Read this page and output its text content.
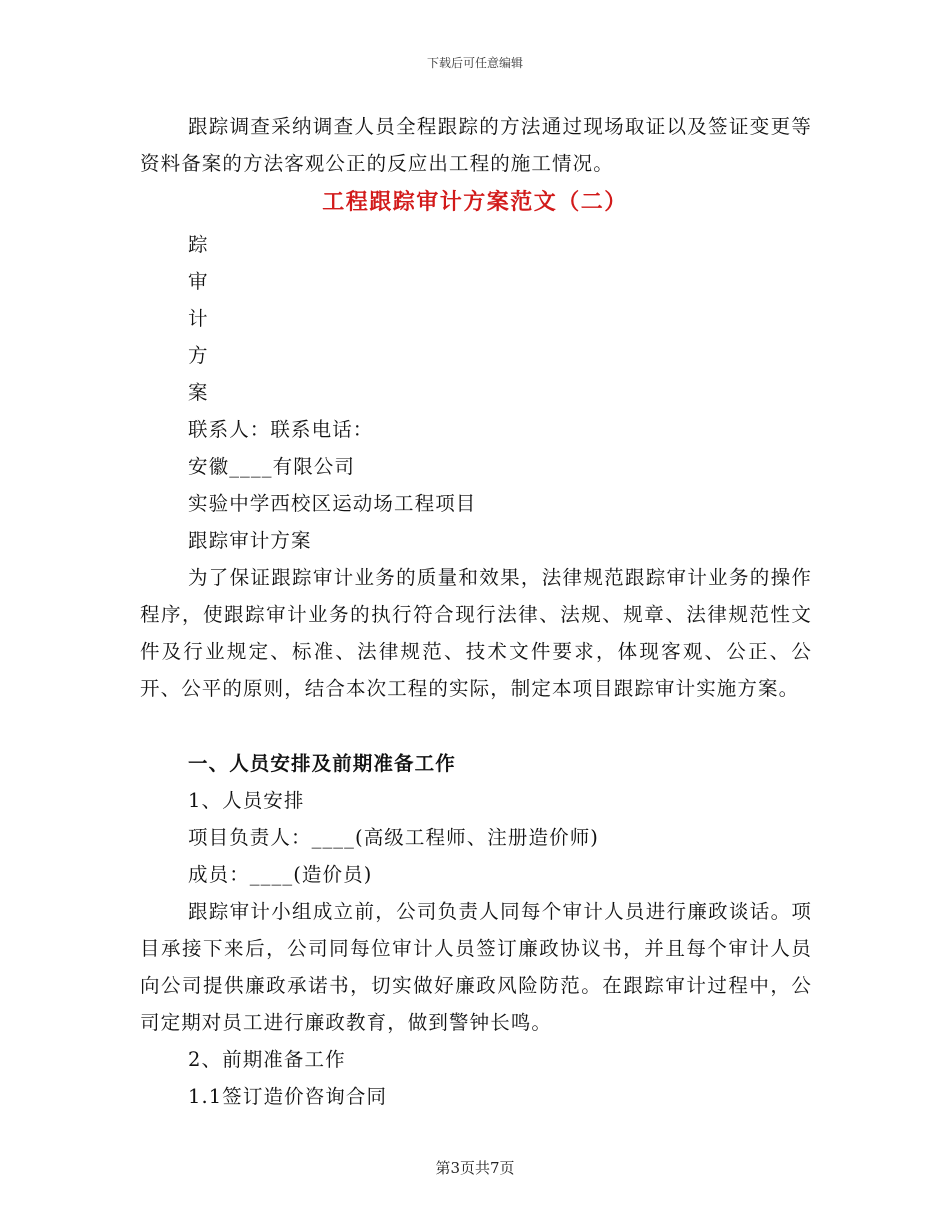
下载后可任意编辑

跟踪调查采纳调查人员全程跟踪的方法通过现场取证以及签证变更等资料备案的方法客观公正的反应出工程的施工情况。

工程跟踪审计方案范文（二）
踪
审
计
方
案

联系人：联系电话：

安徽____有限公司

实验中学西校区运动场工程项目

跟踪审计方案

为了保证跟踪审计业务的质量和效果，法律规范跟踪审计业务的操作程序，使跟踪审计业务的执行符合现行法律、法规、规章、法律规范性文件及行业规定、标准、法律规范、技术文件要求，体现客观、公正、公开、公平的原则，结合本次工程的实际，制定本项目跟踪审计实施方案。

一、人员安排及前期准备工作

1、人员安排

项目负责人：____(高级工程师、注册造价师)

成员：____(造价员)

跟踪审计小组成立前，公司负责人同每个审计人员进行廉政谈话。项目承接下来后，公司同每位审计人员签订廉政协议书，并且每个审计人员向公司提供廉政承诺书，切实做好廉政风险防范。在跟踪审计过程中，公司定期对员工进行廉政教育，做到警钟长鸣。

2、前期准备工作

1.1签订造价咨询合同

第3页共7页
